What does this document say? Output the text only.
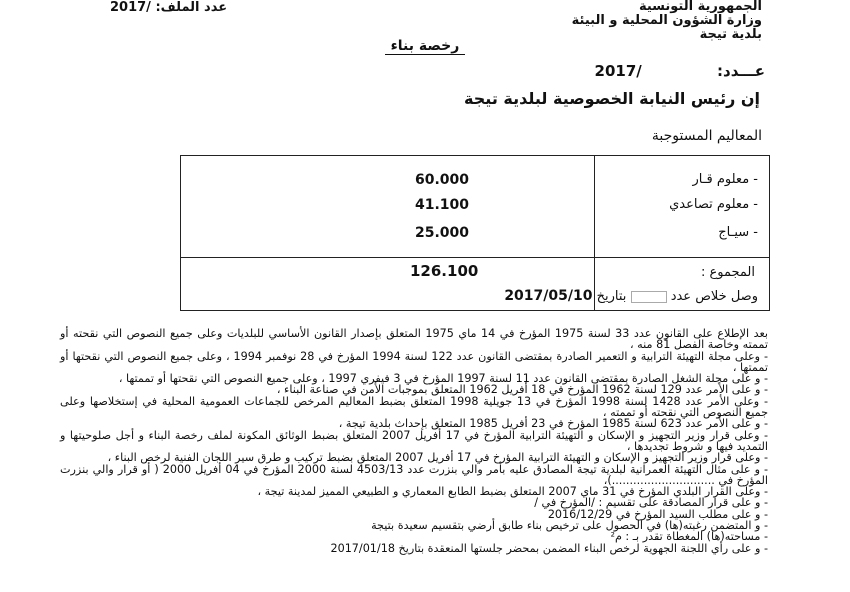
الجمهورية التونسية
وزارة الشؤون المحلية و البيئة
بلدية تيجة
عدد الملف: 2017/
رخصة بناء
عـــدد: 2017/
إن رئيس النيابة الخصوصية لبلدية تيجة
المعاليم المستوجبة
- معلوم قـار
60.000
- معلوم تصاعدي
41.100
- سيـاج
25.000
المجموع :
126.100
وصل خلاص عدد  بتاريخ 2017/05/10

بعد الإطلاع على القانون عدد 33 لسنة 1975 المؤرخ في 14 ماي 1975 المتعلق بإصدار القانون الأساسي للبلديات وعلى جميع النصوص التي نقحته أو تممته وخاصة الفصل 81 منه ،

- وعلى مجلة التهيئة الترابية و التعمير الصادرة بمقتضى القانون عدد 122 لسنة 1994 المؤرخ في 28 نوفمبر 1994 ، وعلى جميع النصوص التي نقحتها أو تممتها ،

- و على مجلة الشغل الصادرة بمقتضى القانون عدد 11 لسنة 1997 المؤرخ في 3 فيفري 1997 ، وعلى جميع النصوص التي نقحتها أو تممتها ،

- و على الأمر عدد 129 لسنة 1962 المؤرخ في 18 أفريل 1962 المتعلق بموجبات الأمن في صناعة البناء ،

- وعلى الأمر عدد 1428 لسنة 1998 المؤرخ في 13 جويلية 1998 المتعلق بضبط المعاليم المرخص للجماعات العمومية المحلية في إستخلاصها وعلى جميع النصوص التي نقحته أو تممته ،

- و على الأمر عدد 623 لسنة 1985 المؤرخ في 23 أفريل 1985 المتعلق بإحداث بلدية تيجة ،

- وعلى قرار وزير التجهيز و الإسكان و التهيئة الترابية المؤرخ في 17 أفريل 2007 المتعلق بضبط الوثائق المكونة لملف رخصة البناء و أجل صلوحيتها و التمديد فيها و شروط تجديدها ،

- وعلى قرار وزير التجهيز و الإسكان و التهيئة الترابية المؤرخ في 17 أفريل 2007 المتعلق بضبط تركيب و طرق سير اللجان الفنية لرخص البناء ،

- و على مثال التهيئة العمرانية لبلدية تيجة المصادق عليه بأمر والي بنزرت عدد 4503/13 لسنة 2000 المؤرخ في 04 أفريل 2000 ( أو قرار والي بنزرت المؤرخ في .............................)،

- وعلى القرار البلدي المؤرخ في 31 ماي 2007 المتعلق بضبط الطابع المعماري و الطبيعي المميز لمدينة تيجة ،

- و على قرار المصادقة على تقسيم : /المؤرخ في /

- و على مطلب السيد المؤرخ في 2016/12/29

- و المتضمن رغبته(ها) في الحصول على ترخيص بناء طابق أرضي بتقسيم سعيدة بتيجة

- مساحته(ها) المغطاة تقدر بـ : م²

- و على رأي اللجنة الجهوية لرخص البناء المضمن بمحضر جلستها المنعقدة بتاريخ 2017/01/18
